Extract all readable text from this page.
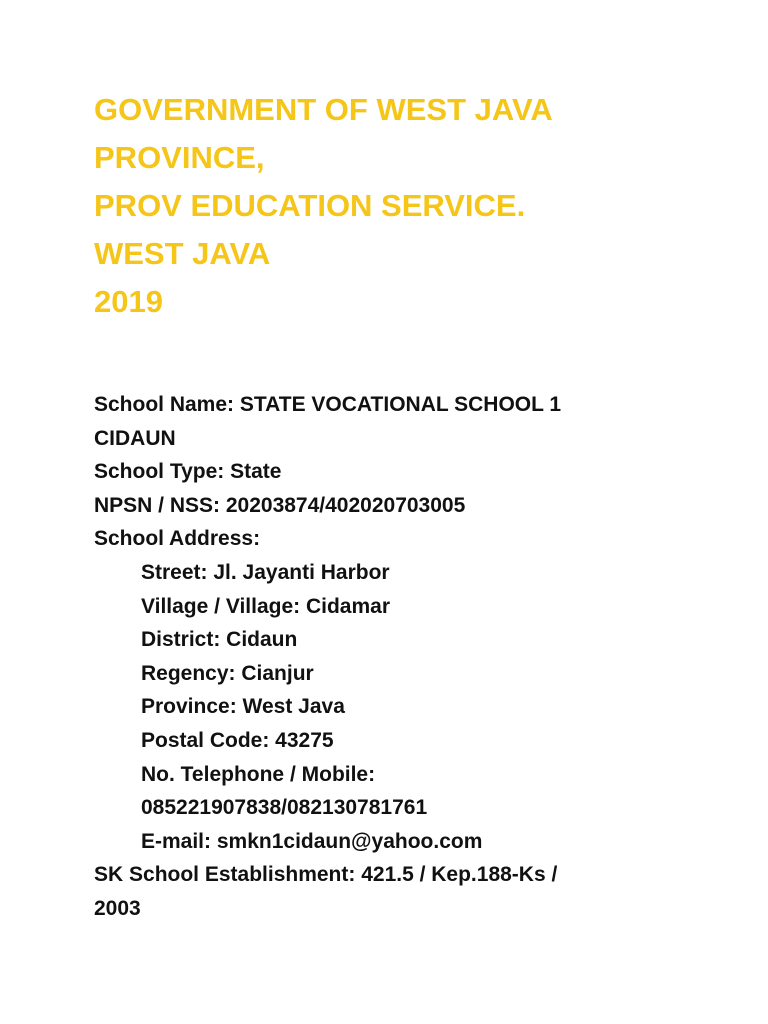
GOVERNMENT OF WEST JAVA
PROVINCE,
PROV EDUCATION SERVICE.
WEST JAVA
2019
School Name: STATE VOCATIONAL SCHOOL 1
CIDAUN
School Type: State
NPSN / NSS: 20203874/402020703005
School Address:
Street: Jl. Jayanti Harbor
Village / Village: Cidamar
District: Cidaun
Regency: Cianjur
Province: West Java
Postal Code: 43275
No. Telephone / Mobile:
085221907838/082130781761
E-mail: smkn1cidaun@yahoo.com
SK School Establishment: 421.5 / Kep.188-Ks /
2003
